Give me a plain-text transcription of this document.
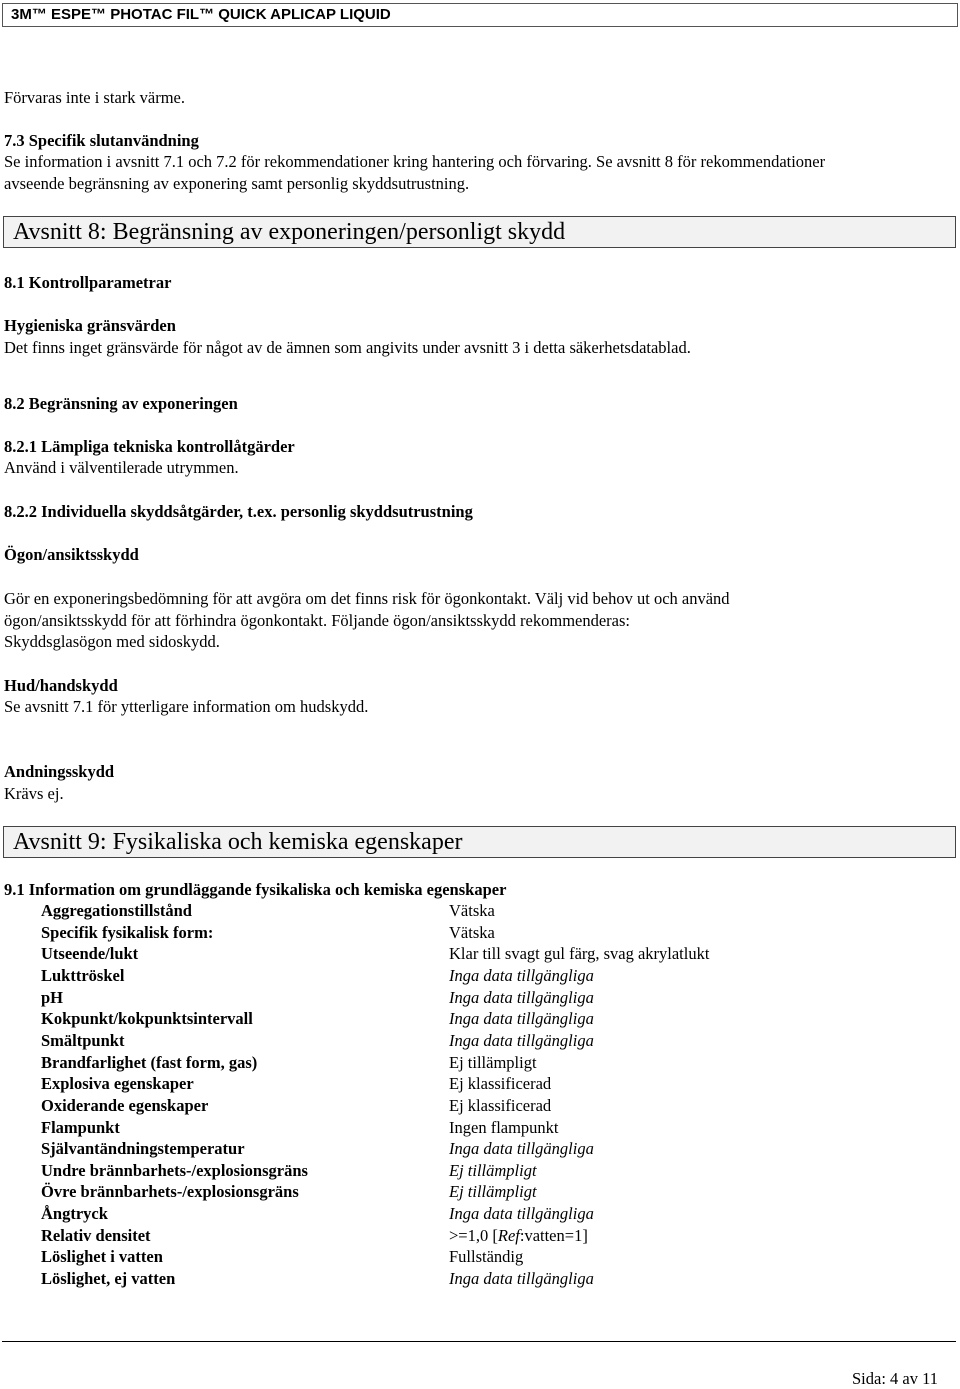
3M™ ESPE™ PHOTAC FIL™ QUICK APLICAP LIQUID
Förvaras inte i stark värme.
7.3 Specifik slutanvändning
Se information i avsnitt 7.1 och 7.2 för rekommendationer kring hantering och förvaring. Se avsnitt 8 för rekommendationer
avseende begränsning av exponering samt personlig skyddsutrustning.
Avsnitt 8: Begränsning av exponeringen/personligt skydd
8.1 Kontrollparametrar
Hygieniska gränsvärden
Det finns inget gränsvärde för något av de ämnen som angivits under avsnitt 3 i detta säkerhetsdatablad.
8.2 Begränsning av exponeringen
8.2.1 Lämpliga tekniska kontrollåtgärder
Använd i välventilerade utrymmen.
8.2.2 Individuella skyddsåtgärder, t.ex. personlig skyddsutrustning
Ögon/ansiktsskydd
Gör en exponeringsbedömning för att avgöra om det finns risk för ögonkontakt. Välj vid behov ut och använd
ögon/ansiktsskydd för att förhindra ögonkontakt. Följande ögon/ansiktsskydd rekommenderas:
Skyddsglasögon med sidoskydd.
Hud/handskydd
Se avsnitt 7.1 för ytterligare information om hudskydd.
Andningsskydd
Krävs ej.
Avsnitt 9: Fysikaliska och kemiska egenskaper
9.1 Information om grundläggande fysikaliska och kemiska egenskaper
Aggregationstillstånd	Vätska
Specifik fysikalisk form:	Vätska
Utseende/lukt	Klar till svagt gul färg, svag akrylatlukt
Lukttröskel	Inga data tillgängliga
pH	Inga data tillgängliga
Kokpunkt/kokpunktsintervall	Inga data tillgängliga
Smältpunkt	Inga data tillgängliga
Brandfarlighet (fast form, gas)	Ej tillämpligt
Explosiva egenskaper	Ej klassificerad
Oxiderande egenskaper	Ej klassificerad
Flampunkt	Ingen flampunkt
Självantändningstemperatur	Inga data tillgängliga
Undre brännbarhets-/explosionsgräns	Ej tillämpligt
Övre brännbarhets-/explosionsgräns	Ej tillämpligt
Ångtryck	Inga data tillgängliga
Relativ densitet	>=1,0 [Ref:vatten=1]
Löslighet i vatten	Fullständig
Löslighet, ej vatten	Inga data tillgängliga
Sida: 4 av 11
